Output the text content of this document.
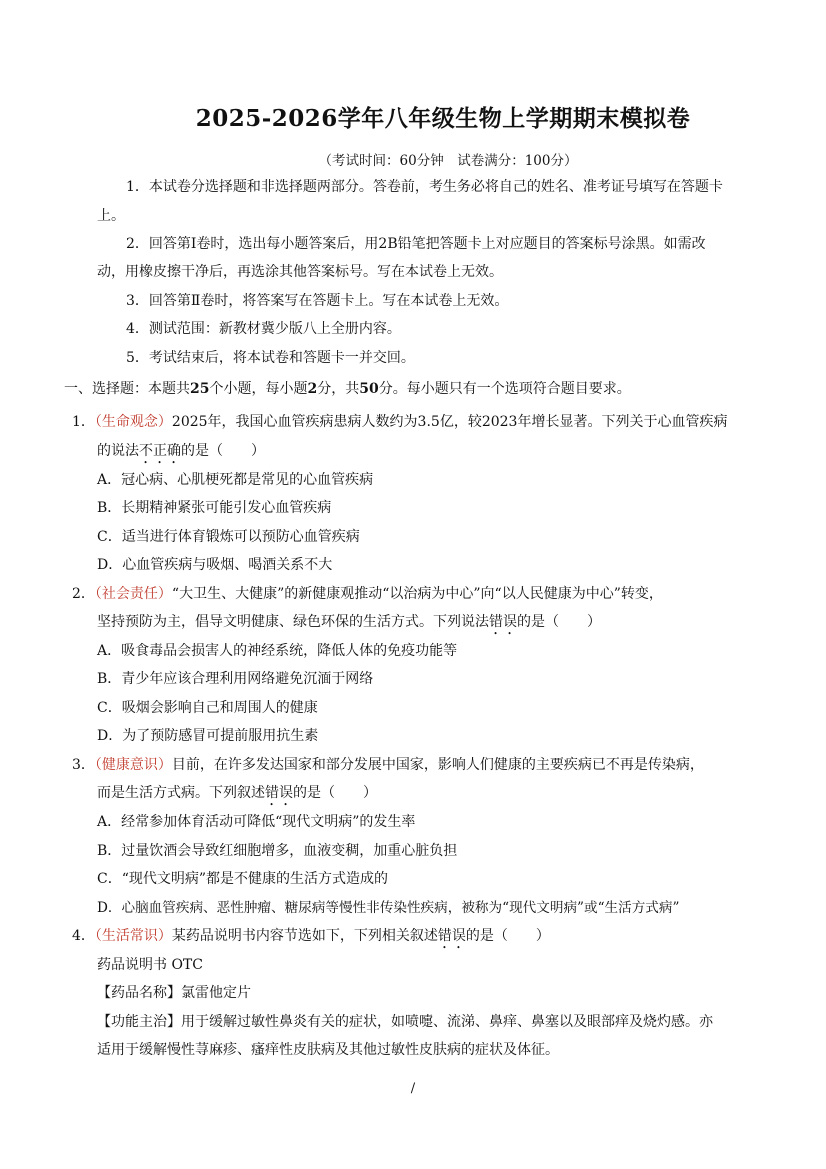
2025-2026学年八年级生物上学期期末模拟卷
（考试时间：60分钟　试卷满分：100分）
1．本试卷分选择题和非选择题两部分。答卷前，考生务必将自己的姓名、准考证号填写在答题卡
上。
2．回答第Ⅰ卷时，选出每小题答案后，用2B铅笔把答题卡上对应题目的答案标号涂黑。如需改
动，用橡皮擦干净后，再选涂其他答案标号。写在本试卷上无效。
3．回答第Ⅱ卷时，将答案写在答题卡上。写在本试卷上无效。
4．测试范围：新教材冀少版八上全册内容。
5．考试结束后，将本试卷和答题卡一并交回。
一、选择题：本题共25个小题，每小题2分，共50分。每小题只有一个选项符合题目要求。
1．（生命观念）2025年，我国心血管疾病患病人数约为3.5亿，较2023年增长显著。下列关于心血管疾病
的说法不正确的是（　　）
A．冠心病、心肌梗死都是常见的心血管疾病
B．长期精神紧张可能引发心血管疾病
C．适当进行体育锻炼可以预防心血管疾病
D．心血管疾病与吸烟、喝酒关系不大
2．（社会责任）“大卫生、大健康”的新健康观推动“以治病为中心”向“以人民健康为中心”转变，
坚持预防为主，倡导文明健康、绿色环保的生活方式。下列说法错误的是（　　）
A．吸食毒品会损害人的神经系统，降低人体的免疫功能等
B．青少年应该合理利用网络避免沉湎于网络
C．吸烟会影响自己和周围人的健康
D．为了预防感冒可提前服用抗生素
3．（健康意识）目前，在许多发达国家和部分发展中国家，影响人们健康的主要疾病已不再是传染病，
而是生活方式病。下列叙述错误的是（　　）
A．经常参加体育活动可降低“现代文明病”的发生率
B．过量饮酒会导致红细胞增多，血液变稠，加重心脏负担
C．“现代文明病”都是不健康的生活方式造成的
D．心脑血管疾病、恶性肿瘤、糖尿病等慢性非传染性疾病，被称为“现代文明病”或“生活方式病”
4．（生活常识）某药品说明书内容节选如下，下列相关叙述错误的是（　　）
药品说明书 OTC
【药品名称】氯雷他定片
【功能主治】用于缓解过敏性鼻炎有关的症状，如喷嚏、流涕、鼻痒、鼻塞以及眼部痒及烧灼感。亦
适用于缓解慢性荨麻疹、瘙痒性皮肤病及其他过敏性皮肤病的症状及体征。
/
